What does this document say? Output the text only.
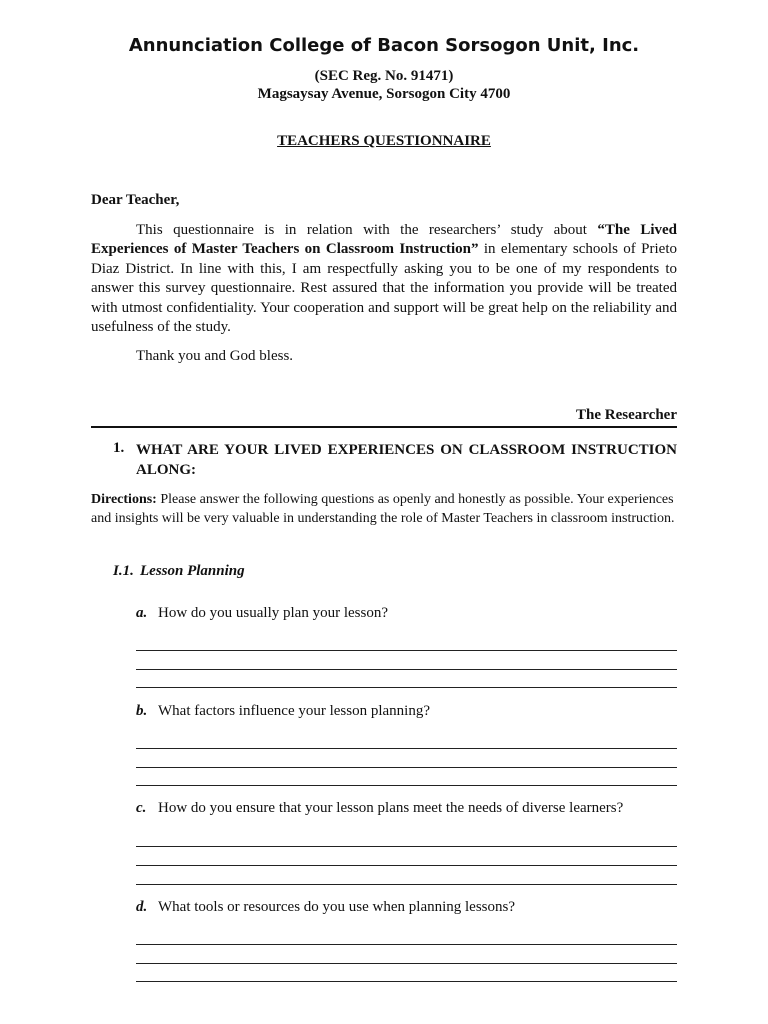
Annunciation College of Bacon Sorsogon Unit, Inc.
(SEC Reg. No. 91471)
Magsaysay Avenue, Sorsogon City 4700
TEACHERS QUESTIONNAIRE
Dear Teacher,

This questionnaire is in relation with the researchers’ study about “The Lived Experiences of Master Teachers on Classroom Instruction” in elementary schools of Prieto Diaz District. In line with this, I am respectfully asking you to be one of my respondents to answer this survey questionnaire. Rest assured that the information you provide will be treated with utmost confidentiality. Your cooperation and support will be great help on the reliability and usefulness of the study.

Thank you and God bless.
The Researcher
1. WHAT ARE YOUR LIVED EXPERIENCES ON CLASSROOM INSTRUCTION ALONG:

Directions: Please answer the following questions as openly and honestly as possible. Your experiences and insights will be very valuable in understanding the role of Master Teachers in classroom instruction.

I.1. Lesson Planning
a. How do you usually plan your lesson?
b. What factors influence your lesson planning?
c. How do you ensure that your lesson plans meet the needs of diverse learners?
d. What tools or resources do you use when planning lessons?
